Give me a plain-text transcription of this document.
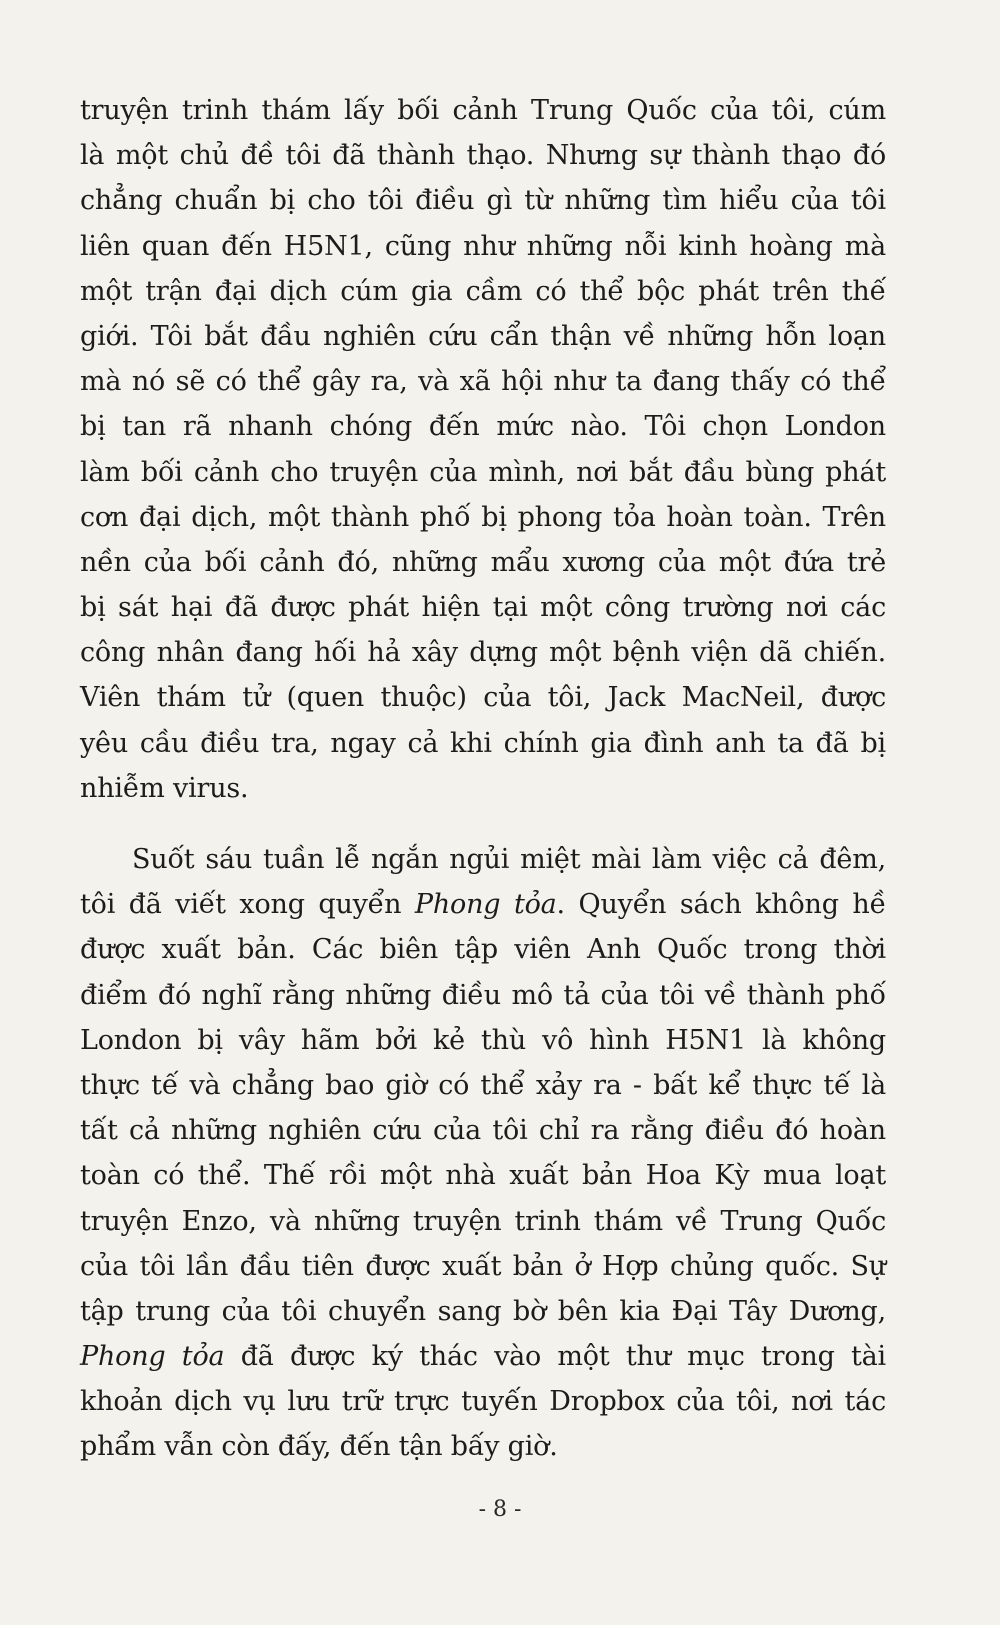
truyện trinh thám lấy bối cảnh Trung Quốc của tôi, cúm
là một chủ đề tôi đã thành thạo. Nhưng sự thành thạo đó
chẳng chuẩn bị cho tôi điều gì từ những tìm hiểu của tôi
liên quan đến H5N1, cũng như những nỗi kinh hoàng mà
một trận đại dịch cúm gia cầm có thể bộc phát trên thế
giới. Tôi bắt đầu nghiên cứu cẩn thận về những hỗn loạn
mà nó sẽ có thể gây ra, và xã hội như ta đang thấy có thể
bị tan rã nhanh chóng đến mức nào. Tôi chọn London
làm bối cảnh cho truyện của mình, nơi bắt đầu bùng phát
cơn đại dịch, một thành phố bị phong tỏa hoàn toàn. Trên
nền của bối cảnh đó, những mẩu xương của một đứa trẻ
bị sát hại đã được phát hiện tại một công trường nơi các
công nhân đang hối hả xây dựng một bệnh viện dã chiến.
Viên thám tử (quen thuộc) của tôi, Jack MacNeil, được
yêu cầu điều tra, ngay cả khi chính gia đình anh ta đã bị
nhiễm virus.
Suốt sáu tuần lễ ngắn ngủi miệt mài làm việc cả đêm,
tôi đã viết xong quyển Phong tỏa. Quyển sách không hề
được xuất bản. Các biên tập viên Anh Quốc trong thời
điểm đó nghĩ rằng những điều mô tả của tôi về thành phố
London bị vây hãm bởi kẻ thù vô hình H5N1 là không
thực tế và chẳng bao giờ có thể xảy ra - bất kể thực tế là
tất cả những nghiên cứu của tôi chỉ ra rằng điều đó hoàn
toàn có thể. Thế rồi một nhà xuất bản Hoa Kỳ mua loạt
truyện Enzo, và những truyện trinh thám về Trung Quốc
của tôi lần đầu tiên được xuất bản ở Hợp chủng quốc. Sự
tập trung của tôi chuyển sang bờ bên kia Đại Tây Dương,
Phong tỏa đã được ký thác vào một thư mục trong tài
khoản dịch vụ lưu trữ trực tuyến Dropbox của tôi, nơi tác
phẩm vẫn còn đấy, đến tận bấy giờ.
- 8 -
